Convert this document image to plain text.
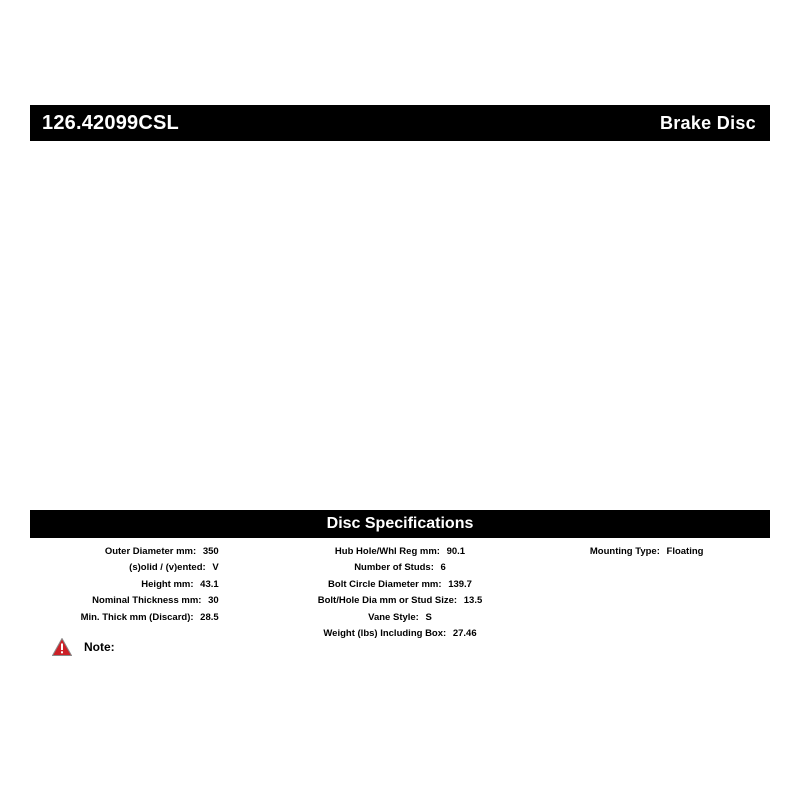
126.42099CSL	Brake Disc
Disc Specifications
Outer Diameter mm: 350
(s)olid / (v)ented: V
Height mm: 43.1
Nominal Thickness mm: 30
Min. Thick mm (Discard): 28.5
Hub Hole/Whl Reg mm: 90.1
Number of Studs: 6
Bolt Circle Diameter mm: 139.7
Bolt/Hole Dia mm or Stud Size: 13.5
Vane Style: S
Weight (lbs) Including Box: 27.46
Mounting Type: Floating
Note:
